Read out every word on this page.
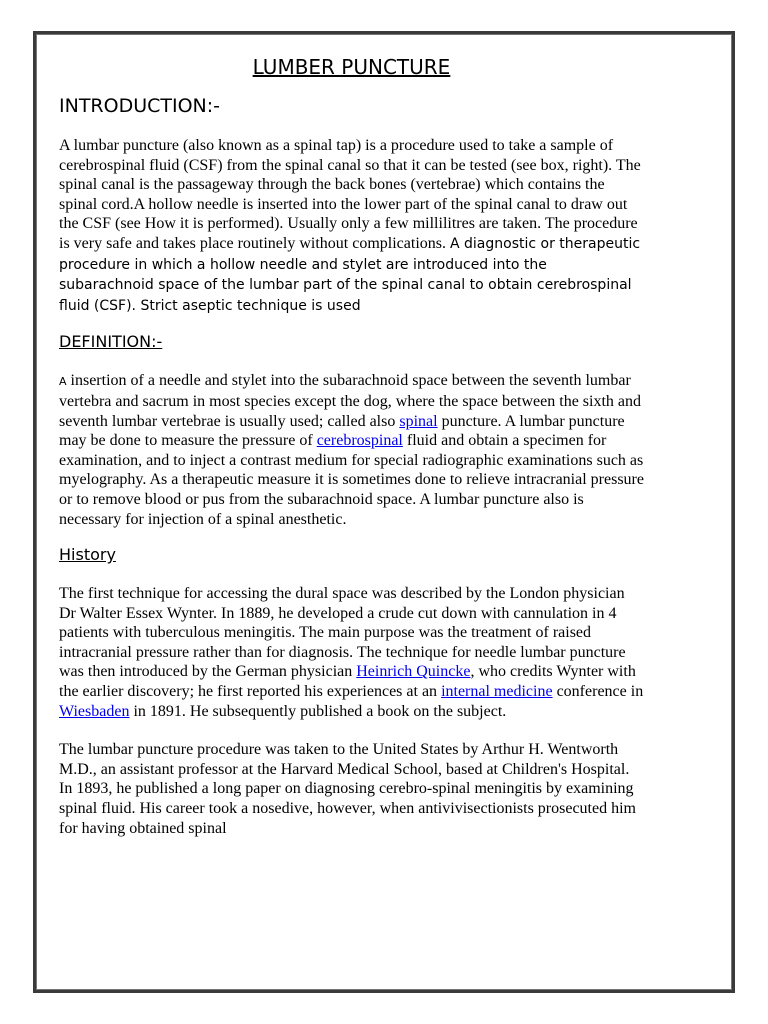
LUMBER PUNCTURE
INTRODUCTION:-

A lumbar puncture (also known as a spinal tap) is a procedure used to take a sample of cerebrospinal fluid (CSF) from the spinal canal so that it can be tested (see box, right). The spinal canal is the passageway through the back bones (vertebrae) which contains the spinal cord.A hollow needle is inserted into the lower part of the spinal canal to draw out the CSF (see How it is performed). Usually only a few millilitres are taken. The procedure is very safe and takes place routinely without complications. A diagnostic or therapeutic procedure in which a hollow needle and stylet are introduced into the subarachnoid space of the lumbar part of the spinal canal to obtain cerebrospinal fluid (CSF). Strict aseptic technique is used

DEFINITION:-

A insertion of a needle and stylet into the subarachnoid space between the seventh lumbar vertebra and sacrum in most species except the dog, where the space between the sixth and seventh lumbar vertebrae is usually used; called also spinal puncture. A lumbar puncture may be done to measure the pressure of cerebrospinal fluid and obtain a specimen for examination, and to inject a contrast medium for special radiographic examinations such as myelography. As a therapeutic measure it is sometimes done to relieve intracranial pressure or to remove blood or pus from the subarachnoid space. A lumbar puncture also is necessary for injection of a spinal anesthetic.

History

The first technique for accessing the dural space was described by the London physician Dr Walter Essex Wynter. In 1889, he developed a crude cut down with cannulation in 4 patients with tuberculous meningitis. The main purpose was the treatment of raised intracranial pressure rather than for diagnosis. The technique for needle lumbar puncture was then introduced by the German physician Heinrich Quincke, who credits Wynter with the earlier discovery; he first reported his experiences at an internal medicine conference in Wiesbaden in 1891. He subsequently published a book on the subject.

The lumbar puncture procedure was taken to the United States by Arthur H. Wentworth M.D., an assistant professor at the Harvard Medical School, based at Children's Hospital. In 1893, he published a long paper on diagnosing cerebro-spinal meningitis by examining spinal fluid. His career took a nosedive, however, when antivivisectionists prosecuted him for having obtained spinal
